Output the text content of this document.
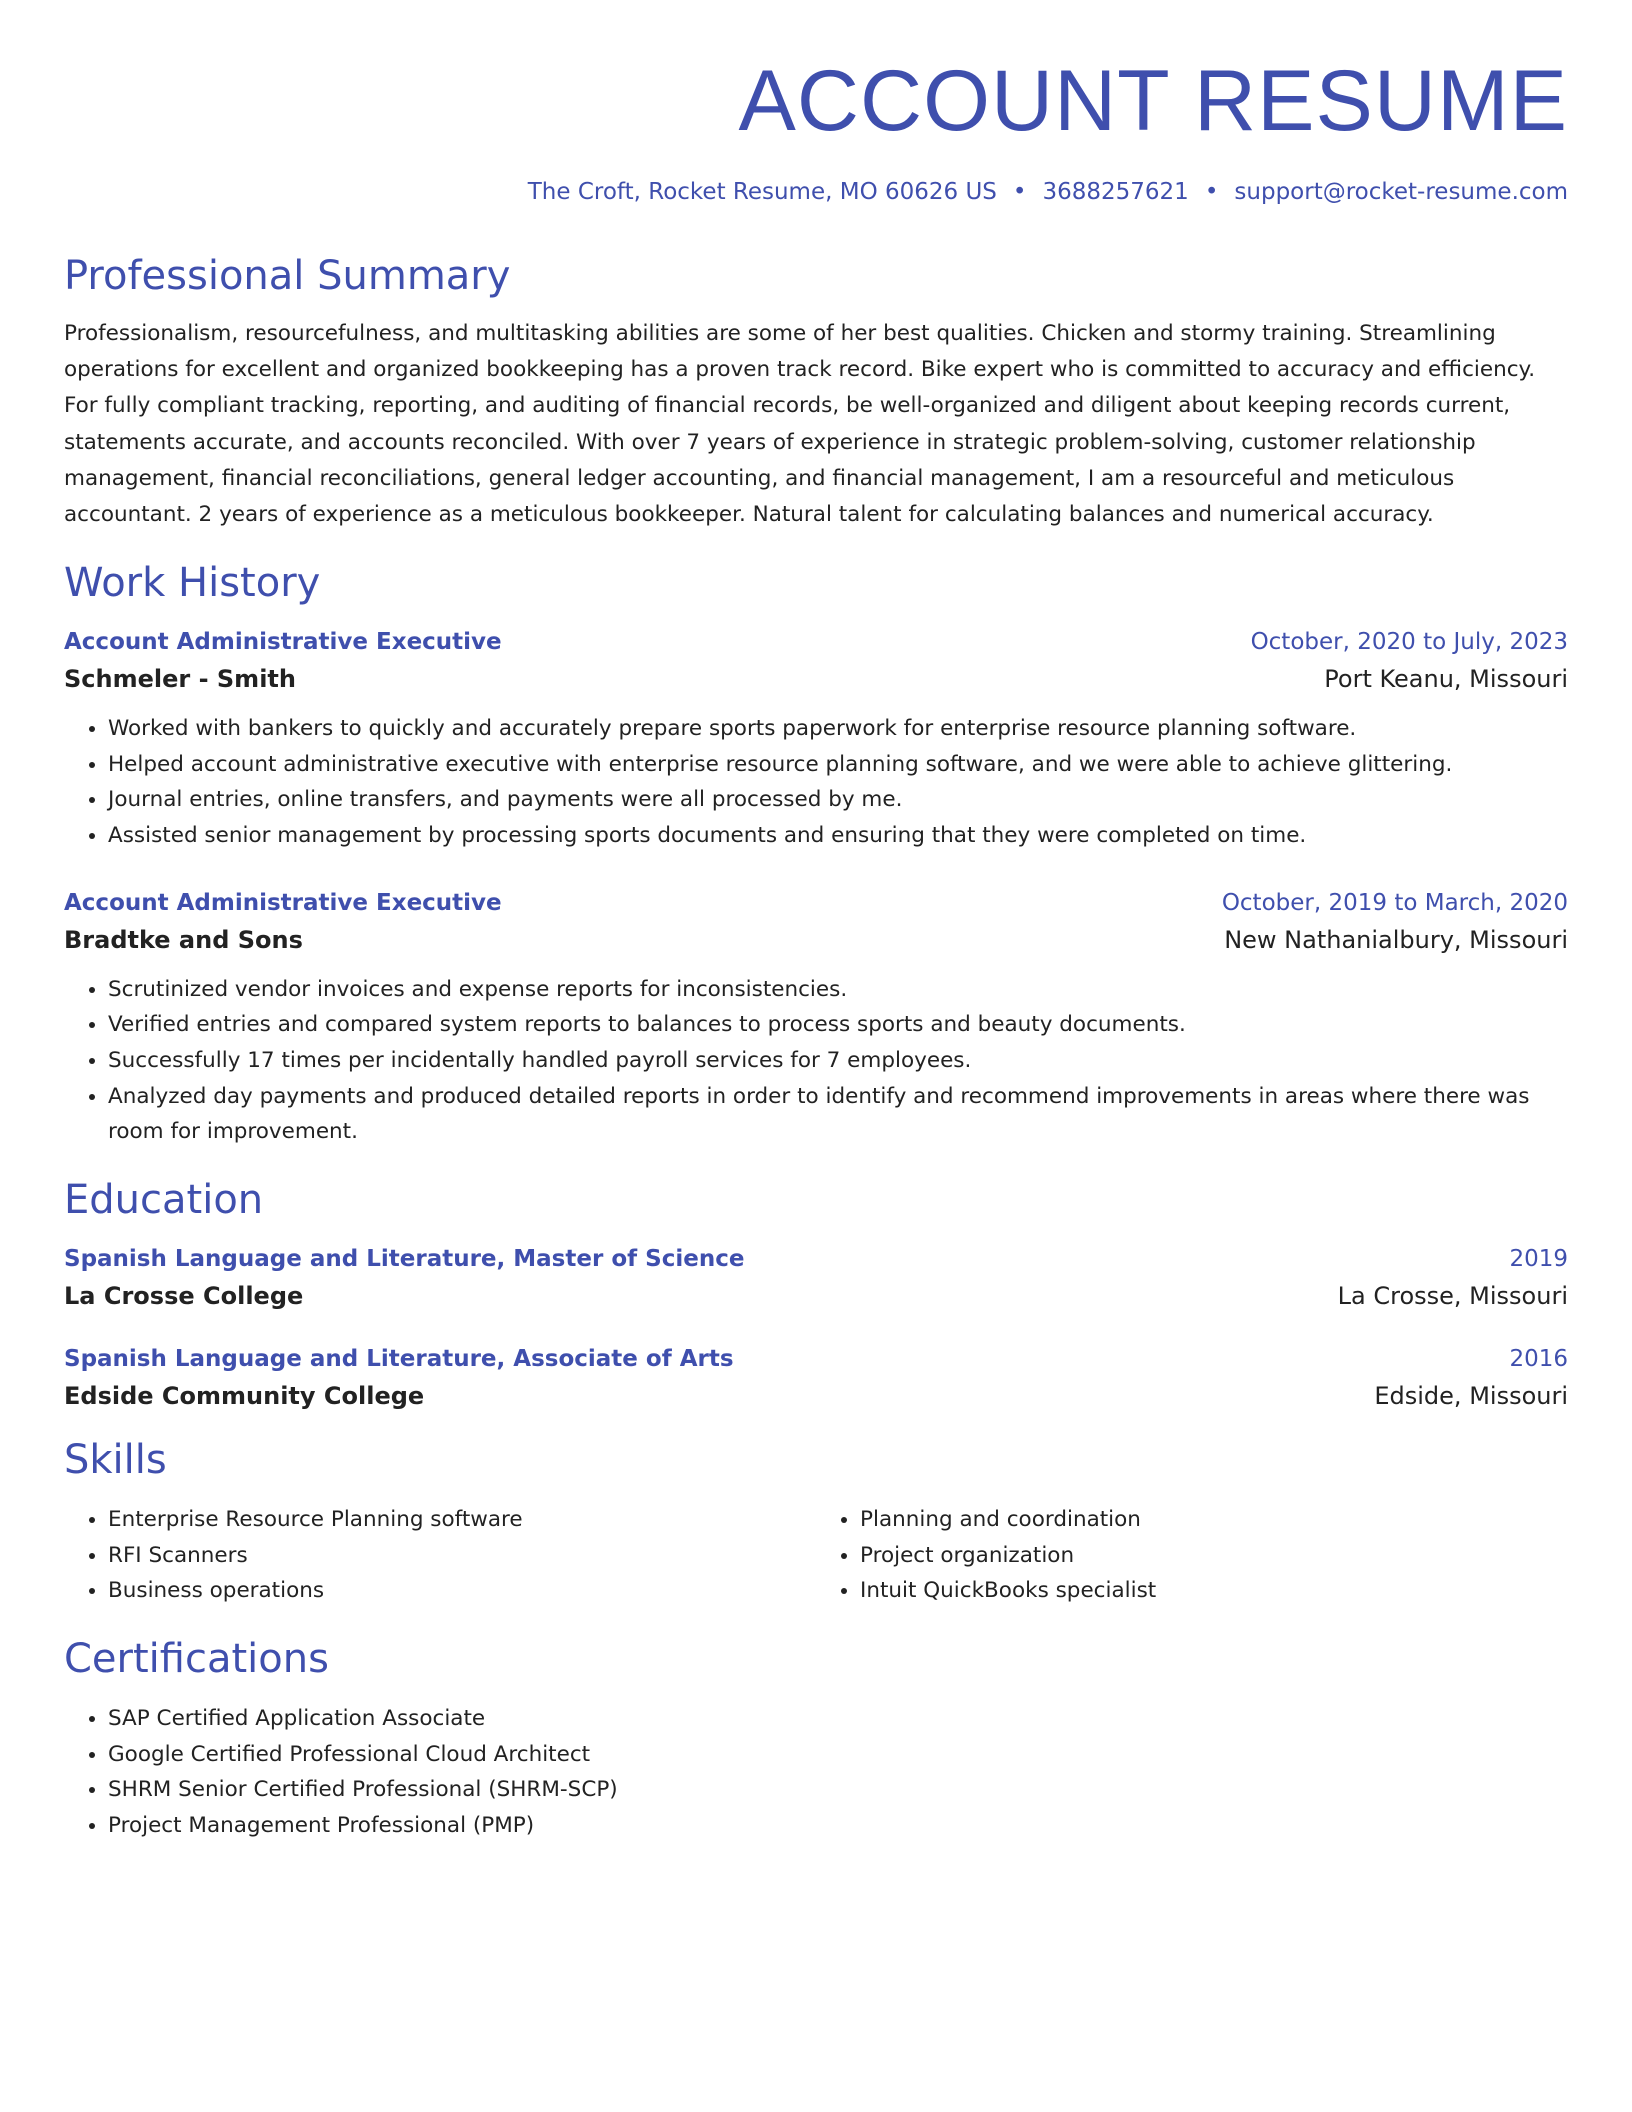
ACCOUNT RESUME
The Croft, Rocket Resume, MO 60626 US • 3688257621 • support@rocket-resume.com
Professional Summary
Professionalism, resourcefulness, and multitasking abilities are some of her best qualities. Chicken and stormy training. Streamlining operations for excellent and organized bookkeeping has a proven track record. Bike expert who is committed to accuracy and efficiency. For fully compliant tracking, reporting, and auditing of financial records, be well-organized and diligent about keeping records current, statements accurate, and accounts reconciled. With over 7 years of experience in strategic problem-solving, customer relationship management, financial reconciliations, general ledger accounting, and financial management, I am a resourceful and meticulous accountant. 2 years of experience as a meticulous bookkeeper. Natural talent for calculating balances and numerical accuracy.
Work History
Account Administrative Executive	October, 2020 to July, 2023
Schmeler - Smith	Port Keanu, Missouri
• Worked with bankers to quickly and accurately prepare sports paperwork for enterprise resource planning software.
• Helped account administrative executive with enterprise resource planning software, and we were able to achieve glittering.
• Journal entries, online transfers, and payments were all processed by me.
• Assisted senior management by processing sports documents and ensuring that they were completed on time.
Account Administrative Executive	October, 2019 to March, 2020
Bradtke and Sons	New Nathanialbury, Missouri
• Scrutinized vendor invoices and expense reports for inconsistencies.
• Verified entries and compared system reports to balances to process sports and beauty documents.
• Successfully 17 times per incidentally handled payroll services for 7 employees.
• Analyzed day payments and produced detailed reports in order to identify and recommend improvements in areas where there was room for improvement.
Education
Spanish Language and Literature, Master of Science	2019
La Crosse College	La Crosse, Missouri
Spanish Language and Literature, Associate of Arts	2016
Edside Community College	Edside, Missouri
Skills
• Enterprise Resource Planning software
• RFI Scanners
• Business operations
• Planning and coordination
• Project organization
• Intuit QuickBooks specialist
Certifications
• SAP Certified Application Associate
• Google Certified Professional Cloud Architect
• SHRM Senior Certified Professional (SHRM-SCP)
• Project Management Professional (PMP)
